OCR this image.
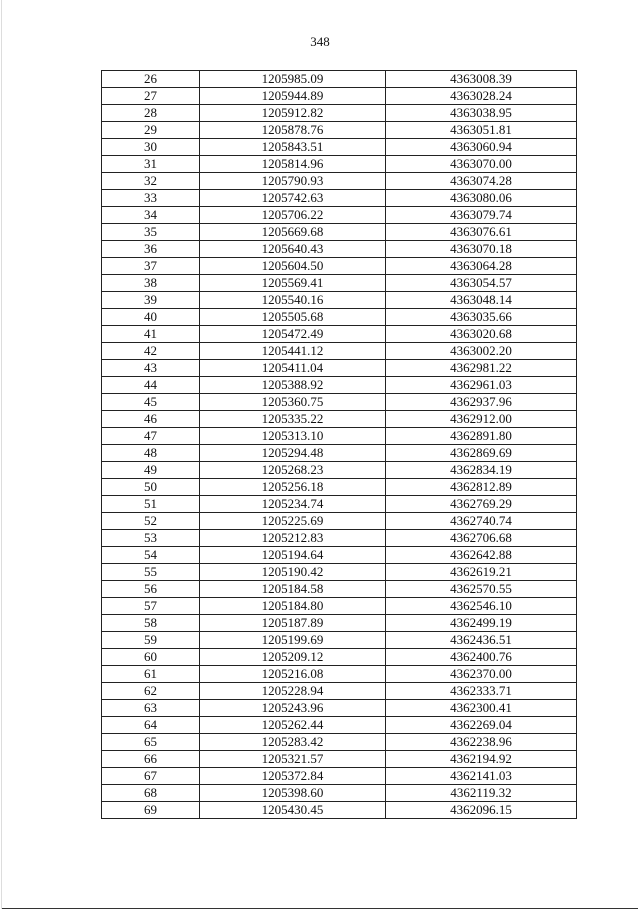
348
26	1205985.09	4363008.39
27	1205944.89	4363028.24
28	1205912.82	4363038.95
29	1205878.76	4363051.81
30	1205843.51	4363060.94
31	1205814.96	4363070.00
32	1205790.93	4363074.28
33	1205742.63	4363080.06
34	1205706.22	4363079.74
35	1205669.68	4363076.61
36	1205640.43	4363070.18
37	1205604.50	4363064.28
38	1205569.41	4363054.57
39	1205540.16	4363048.14
40	1205505.68	4363035.66
41	1205472.49	4363020.68
42	1205441.12	4363002.20
43	1205411.04	4362981.22
44	1205388.92	4362961.03
45	1205360.75	4362937.96
46	1205335.22	4362912.00
47	1205313.10	4362891.80
48	1205294.48	4362869.69
49	1205268.23	4362834.19
50	1205256.18	4362812.89
51	1205234.74	4362769.29
52	1205225.69	4362740.74
53	1205212.83	4362706.68
54	1205194.64	4362642.88
55	1205190.42	4362619.21
56	1205184.58	4362570.55
57	1205184.80	4362546.10
58	1205187.89	4362499.19
59	1205199.69	4362436.51
60	1205209.12	4362400.76
61	1205216.08	4362370.00
62	1205228.94	4362333.71
63	1205243.96	4362300.41
64	1205262.44	4362269.04
65	1205283.42	4362238.96
66	1205321.57	4362194.92
67	1205372.84	4362141.03
68	1205398.60	4362119.32
69	1205430.45	4362096.15
